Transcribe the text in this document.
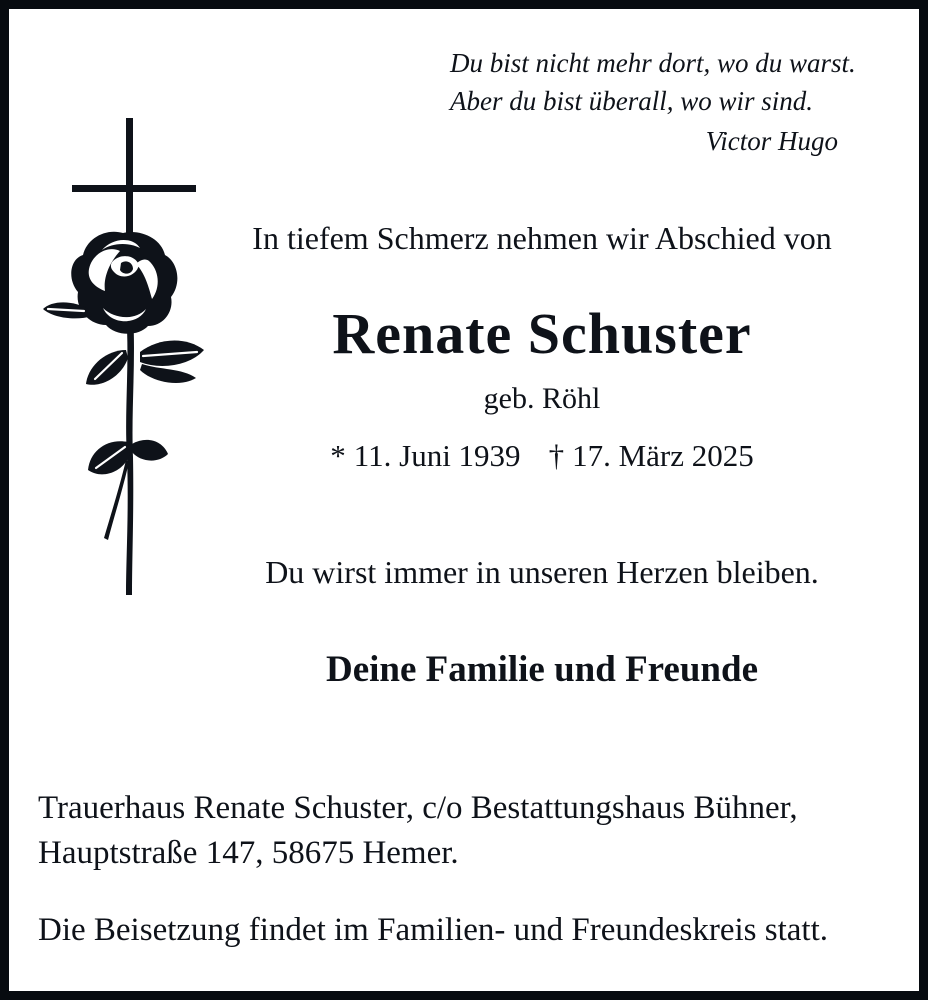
Du bist nicht mehr dort, wo du warst.
Aber du bist überall, wo wir sind.
Victor Hugo
In tiefem Schmerz nehmen wir Abschied von
Renate Schuster
geb. Röhl
* 11. Juni 1939 † 17. März 2025
Du wirst immer in unseren Herzen bleiben.
Deine Familie und Freunde
Trauerhaus Renate Schuster, c/o Bestattungshaus Bühner,
Hauptstraße 147, 58675 Hemer.
Die Beisetzung findet im Familien- und Freundeskreis statt.
